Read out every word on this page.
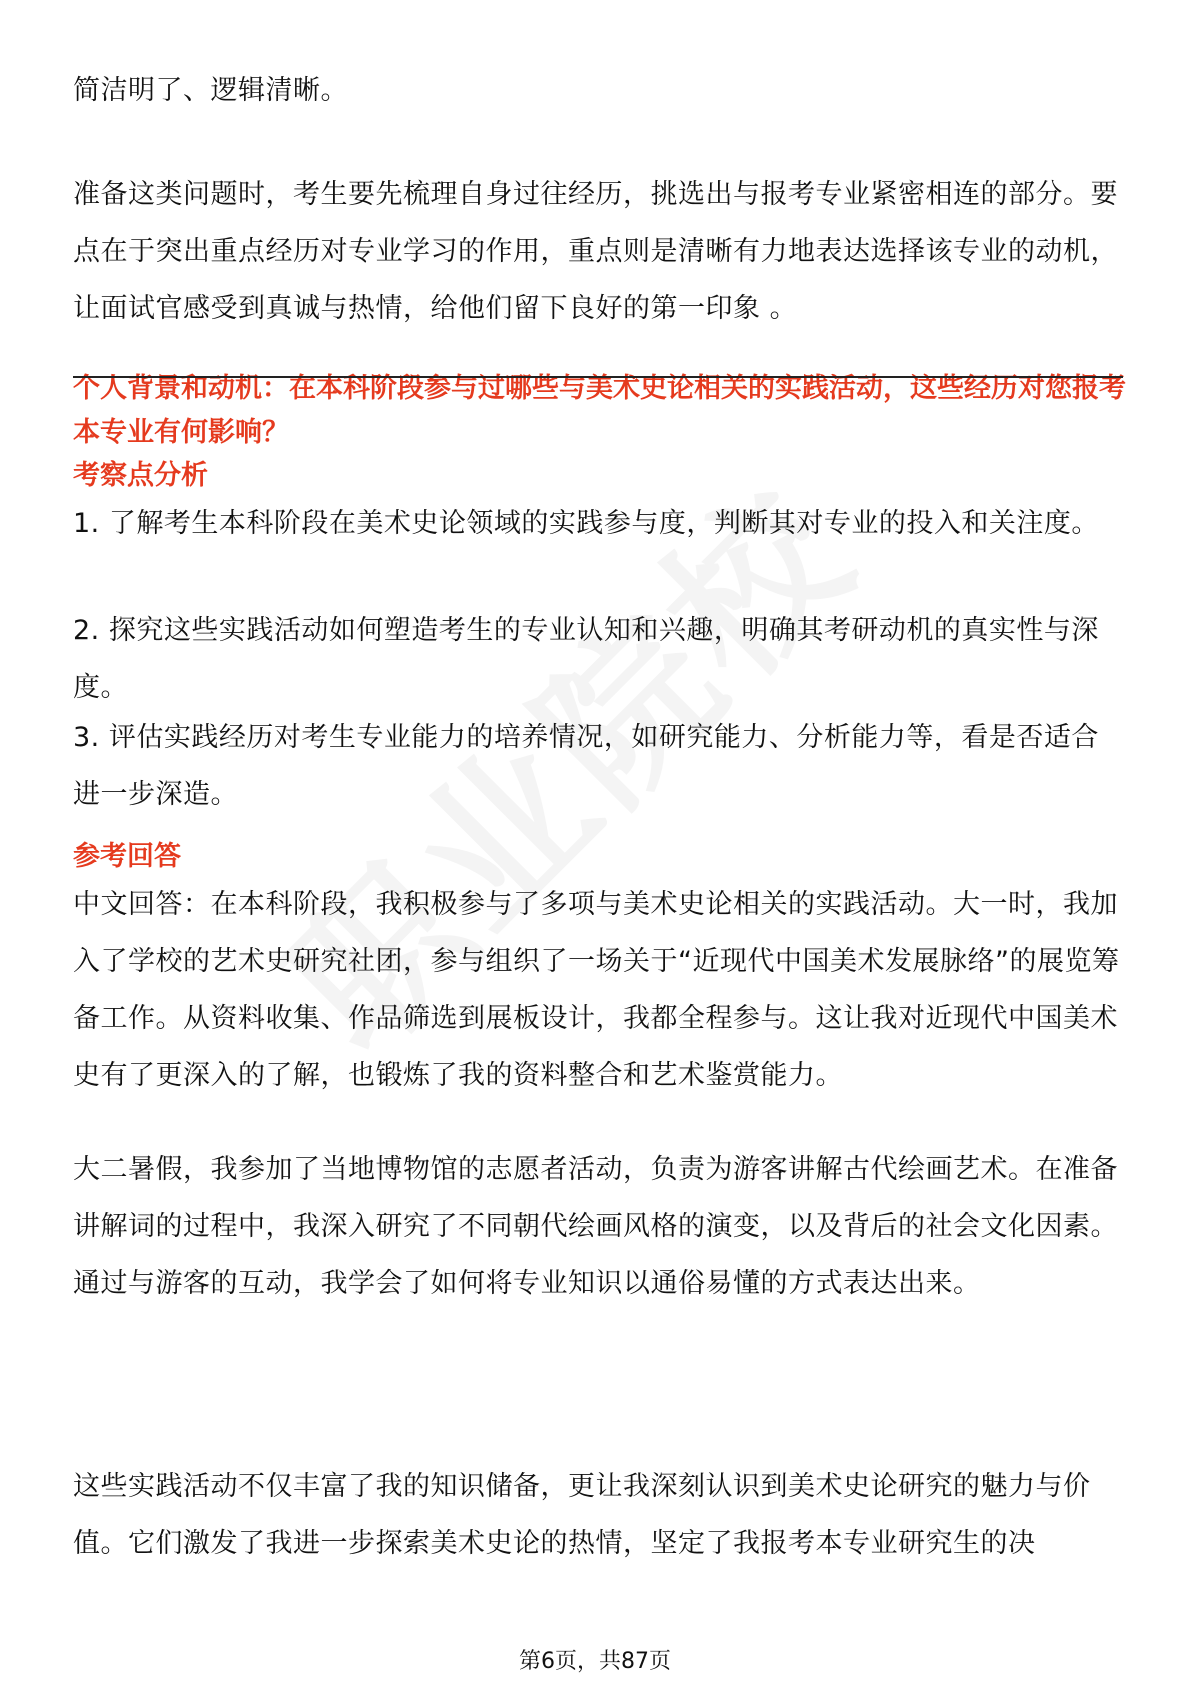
简洁明了、逻辑清晰。

准备这类问题时，考生要先梳理自身过往经历，挑选出与报考专业紧密相连的部分。要点在于突出重点经历对专业学习的作用，重点则是清晰有力地表达选择该专业的动机，让面试官感受到真诚与热情，给他们留下良好的第一印象 。

个人背景和动机：在本科阶段参与过哪些与美术史论相关的实践活动，这些经历对您报考本专业有何影响？

考察点分析

1. 了解考生本科阶段在美术史论领域的实践参与度，判断其对专业的投入和关注度。

2. 探究这些实践活动如何塑造考生的专业认知和兴趣，明确其考研动机的真实性与深度。

3. 评估实践经历对考生专业能力的培养情况，如研究能力、分析能力等，看是否适合进一步深造。

参考回答

中文回答：在本科阶段，我积极参与了多项与美术史论相关的实践活动。大一时，我加入了学校的艺术史研究社团，参与组织了一场关于“近现代中国美术发展脉络”的展览筹备工作。从资料收集、作品筛选到展板设计，我都全程参与。这让我对近现代中国美术史有了更深入的了解，也锻炼了我的资料整合和艺术鉴赏能力。

大二暑假，我参加了当地博物馆的志愿者活动，负责为游客讲解古代绘画艺术。在准备讲解词的过程中，我深入研究了不同朝代绘画风格的演变，以及背后的社会文化因素。通过与游客的互动，我学会了如何将专业知识以通俗易懂的方式表达出来。

这些实践活动不仅丰富了我的知识储备，更让我深刻认识到美术史论研究的魅力与价值。它们激发了我进一步探索美术史论的热情，坚定了我报考本专业研究生的决

第6页，共87页
